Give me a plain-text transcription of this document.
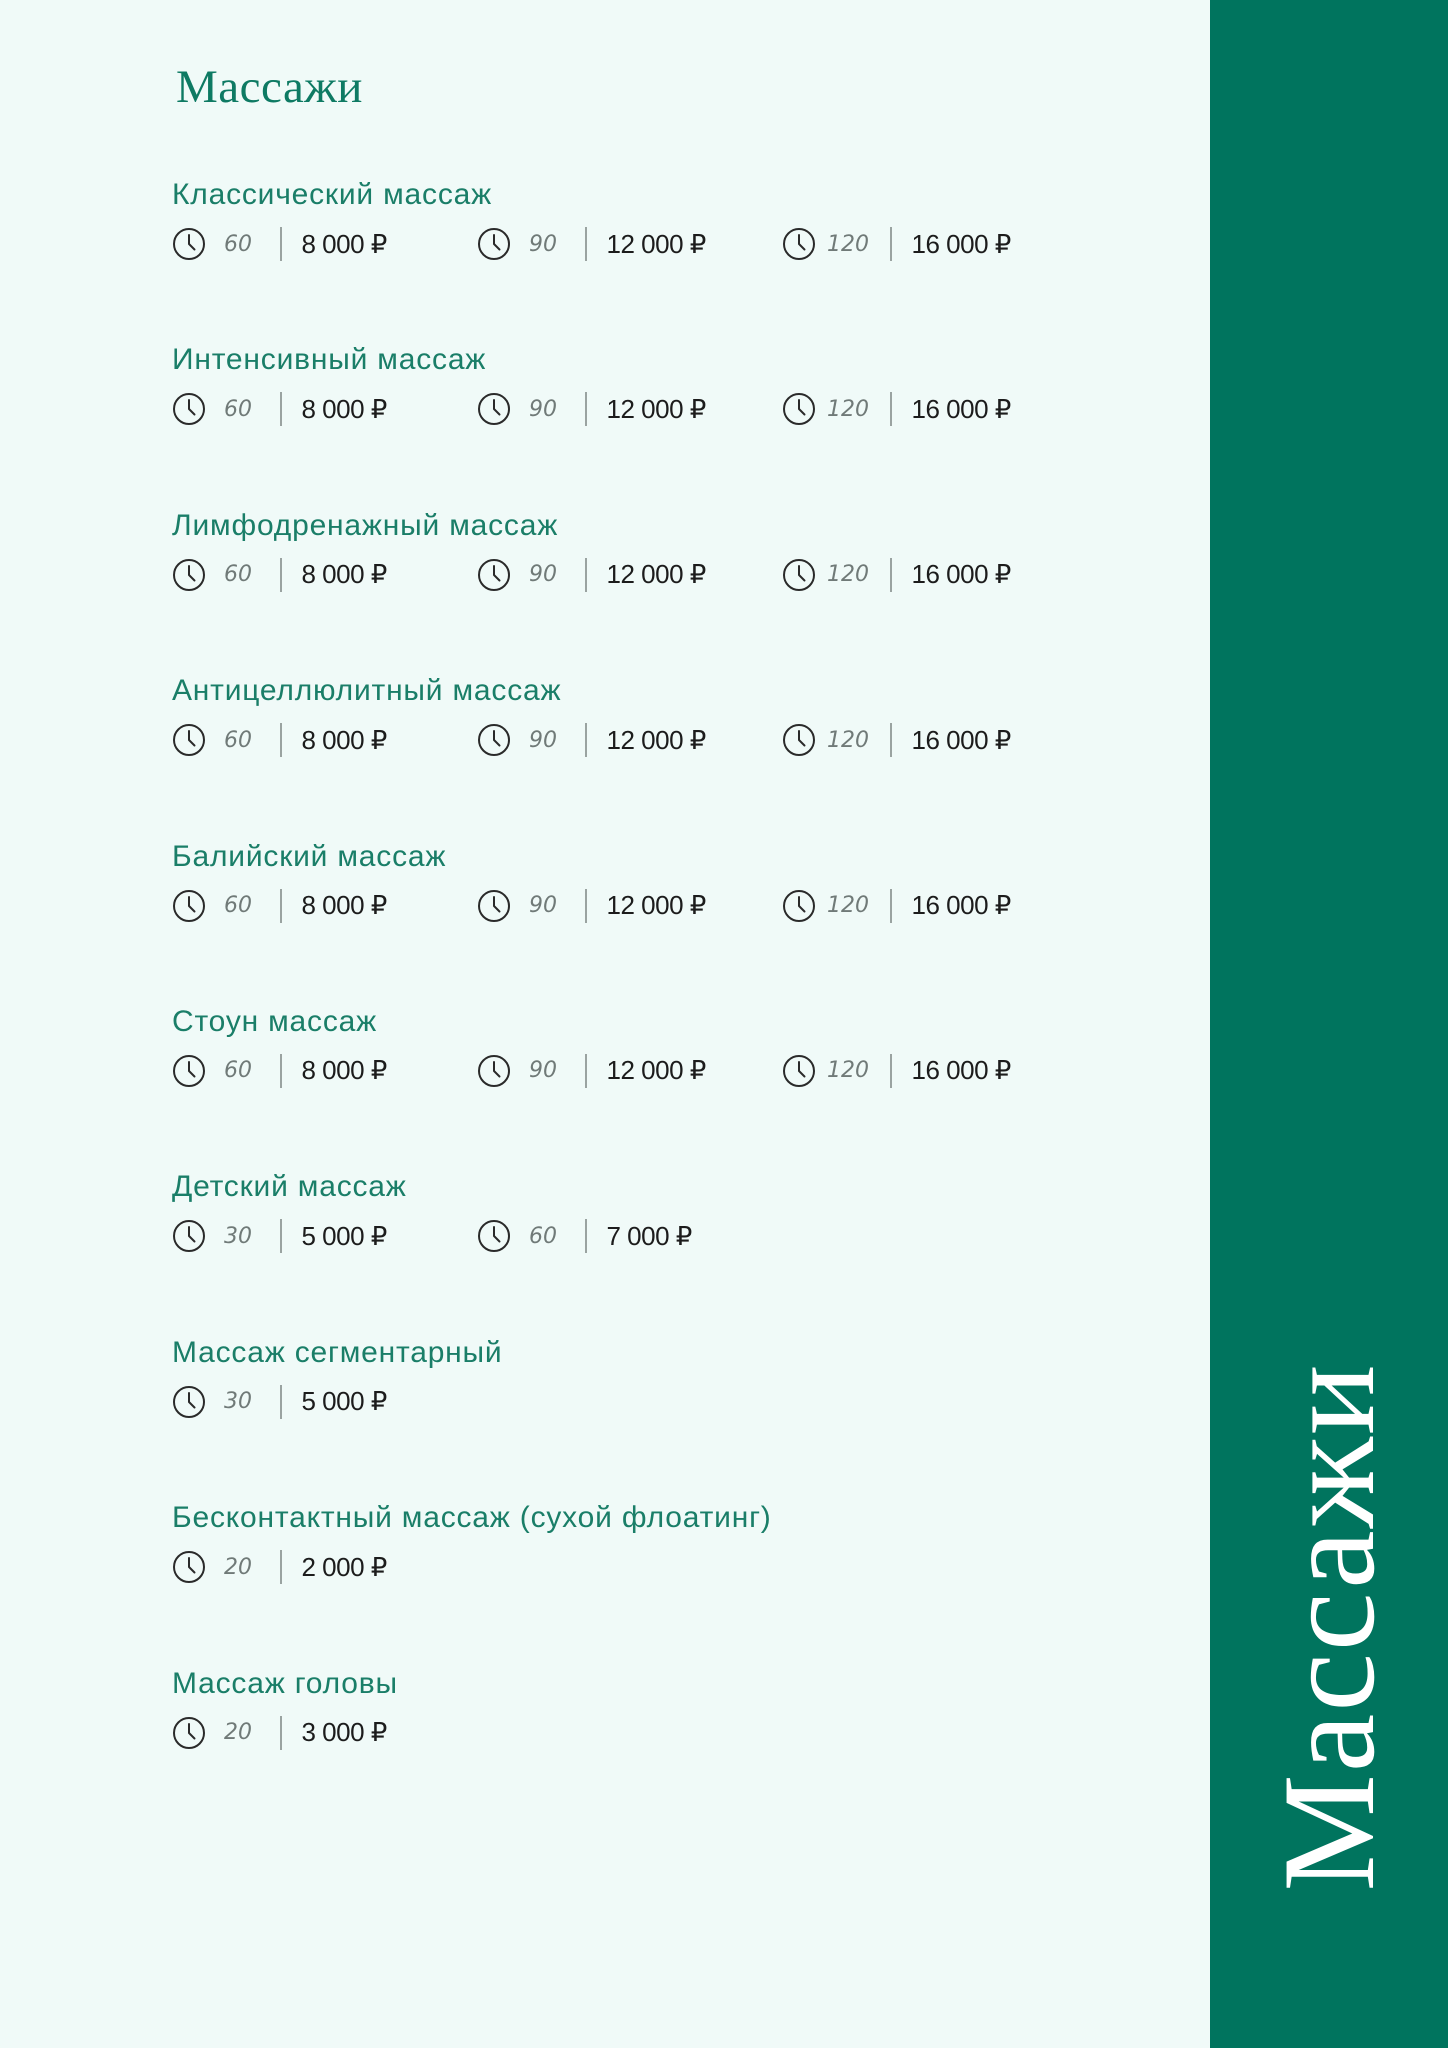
Массажи
Классический массаж
60	8 000 ₽	90	12 000 ₽	120 16 000 ₽
Интенсивный массаж
60	8 000 ₽	90	12 000 ₽	120 16 000 ₽
Лимфодренажный массаж
60	8 000 ₽	90	12 000 ₽	120 16 000 ₽
Антицеллюлитный массаж
60	8 000 ₽	90	12 000 ₽	120 16 000 ₽
Балийский массаж
60	8 000 ₽	90	12 000 ₽	120 16 000 ₽
Стоун массаж
60	8 000 ₽	90	12 000 ₽	120 16 000 ₽
Детский массаж
30	5 000 ₽	60	7 000 ₽
Массаж сегментарный
30	5 000 ₽
Бесконтактный массаж (сухой флоатинг)
20	2 000 ₽
Массаж головы
20	3 000 ₽	Массажи
